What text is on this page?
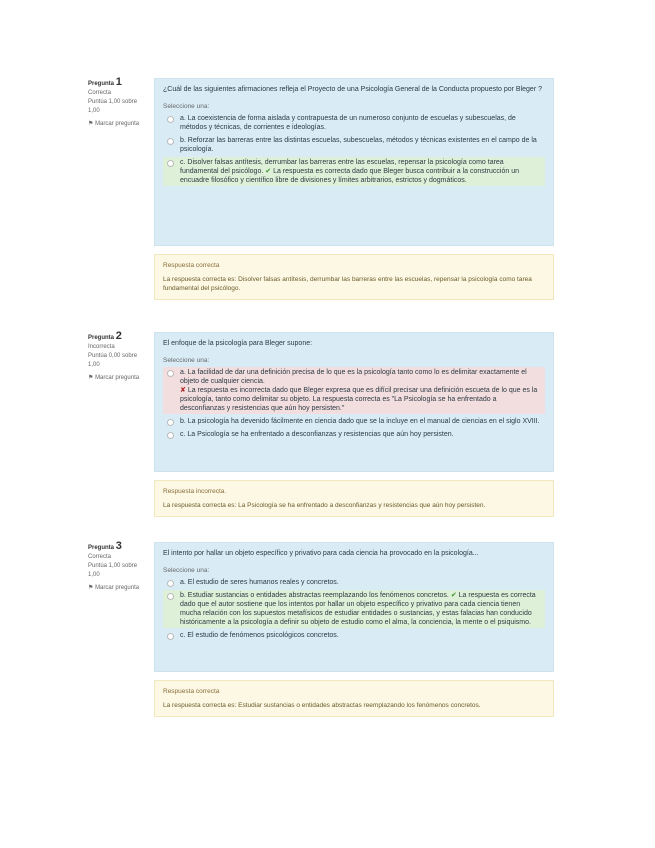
Pregunta 1
Correcta
Puntúa 1,00 sobre 1,00
⚑ Marcar pregunta
¿Cuál de las siguientes afirmaciones refleja el Proyecto de una Psicología General de la Conducta propuesto por Bleger ?
Seleccione una:
a. La coexistencia de forma aislada y contrapuesta de un numeroso conjunto de escuelas y subescuelas, de métodos y técnicas, de corrientes e ideologías.
b. Reforzar las barreras entre las distintas escuelas, subescuelas, métodos y técnicas existentes en el campo de la psicología.
c. Disolver falsas antítesis, derrumbar las barreras entre las escuelas, repensar la psicología como tarea fundamental del psicólogo. ✔ La respuesta es correcta dado que Bleger busca contribuir a la construcción un encuadre filosófico y científico libre de divisiones y límites arbitrarios, estrictos y dogmáticos.
Respuesta correcta
La respuesta correcta es: Disolver falsas antítesis, derrumbar las barreras entre las escuelas, repensar la psicología como tarea fundamental del psicólogo.
Pregunta 2
Incorrecta
Puntúa 0,00 sobre 1,00
⚑ Marcar pregunta
El enfoque de la psicología para Bleger supone:
Seleccione una:
a. La facilidad de dar una definición precisa de lo que es la psicología tanto como lo es delimitar exactamente el objeto de cualquier ciencia.
✘ La respuesta es incorrecta dado que Bleger expresa que es difícil precisar una definición escueta de lo que es la psicología, tanto como delimitar su objeto. La respuesta correcta es "La Psicología se ha enfrentado a desconfianzas y resistencias que aún hoy persisten."
b. La psicología ha devenido fácilmente en ciencia dado que se la incluye en el manual de ciencias en el siglo XVIII.
c. La Psicología se ha enfrentado a desconfianzas y resistencias que aún hoy persisten.
Respuesta incorrecta.
La respuesta correcta es: La Psicología se ha enfrentado a desconfianzas y resistencias que aún hoy persisten.
Pregunta 3
Correcta
Puntúa 1,00 sobre 1,00
⚑ Marcar pregunta
El intento por hallar un objeto específico y privativo para cada ciencia ha provocado en la psicología...
Seleccione una:
a. El estudio de seres humanos reales y concretos.
b. Estudiar sustancias o entidades abstractas reemplazando los fenómenos concretos. ✔ La respuesta es correcta dado que el autor sostiene que los intentos por hallar un objeto específico y privativo para cada ciencia tienen mucha relación con los supuestos metafísicos de estudiar entidades o sustancias, y estas falacias han conducido históricamente a la psicología a definir su objeto de estudio como el alma, la conciencia, la mente o el psiquismo.
c. El estudio de fenómenos psicológicos concretos.
Respuesta correcta
La respuesta correcta es: Estudiar sustancias o entidades abstractas reemplazando los fenómenos concretos.
